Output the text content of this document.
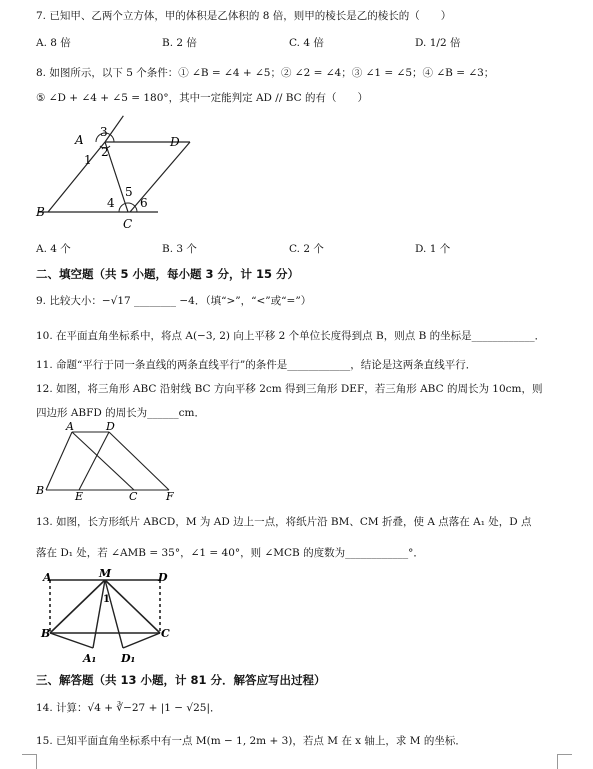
7. 已知甲、乙两个立方体，甲的体积是乙体积的 8 倍，则甲的棱长是乙的棱长的（　　）
A. 8 倍	B. 2 倍	C. 4 倍	D. 1/2 倍
8. 如图所示，以下 5 个条件：① ∠B = ∠4 + ∠5；② ∠2 = ∠4；③ ∠1 = ∠5；④ ∠B = ∠3；
⑤ ∠D + ∠4 + ∠5 = 180°，其中一定能判定 AD // BC 的有（　　）
A
3
1
2
D
B
5
4 6
C
A. 4 个	B. 3 个	C. 2 个	D. 1 个
二、填空题（共 5 小题，每小题 3 分，计 15 分）
9. 比较大小：−√17 ________ −4．（填“>”，“<”或“=”）
10. 在平面直角坐标系中，将点 A(−3, 2) 向上平移 2 个单位长度得到点 B，则点 B 的坐标是____________．
11. 命题“平行于同一条直线的两条直线平行”的条件是____________，结论是这两条直线平行．
12. 如图，将三角形 ABC 沿射线 BC 方向平移 2cm 得到三角形 DEF，若三角形 ABC 的周长为 10cm，则
四边形 ABFD 的周长为______cm．
A	D
B	E	C	F
13. 如图，长方形纸片 ABCD，M 为 AD 边上一点，将纸片沿 BM、CM 折叠，使 A 点落在 A₁ 处，D 点
落在 D₁ 处，若 ∠AMB = 35°，∠1 = 40°，则 ∠MCB 的度数为____________°．
A	M	D
1
B	C
A₁ D₁
三、解答题（共 13 小题，计 81 分．解答应写出过程）
14. 计算：√4 + ∛−27 + |1 − √25|．
15. 已知平面直角坐标系中有一点 M(m − 1, 2m + 3)，若点 M 在 x 轴上，求 M 的坐标．
